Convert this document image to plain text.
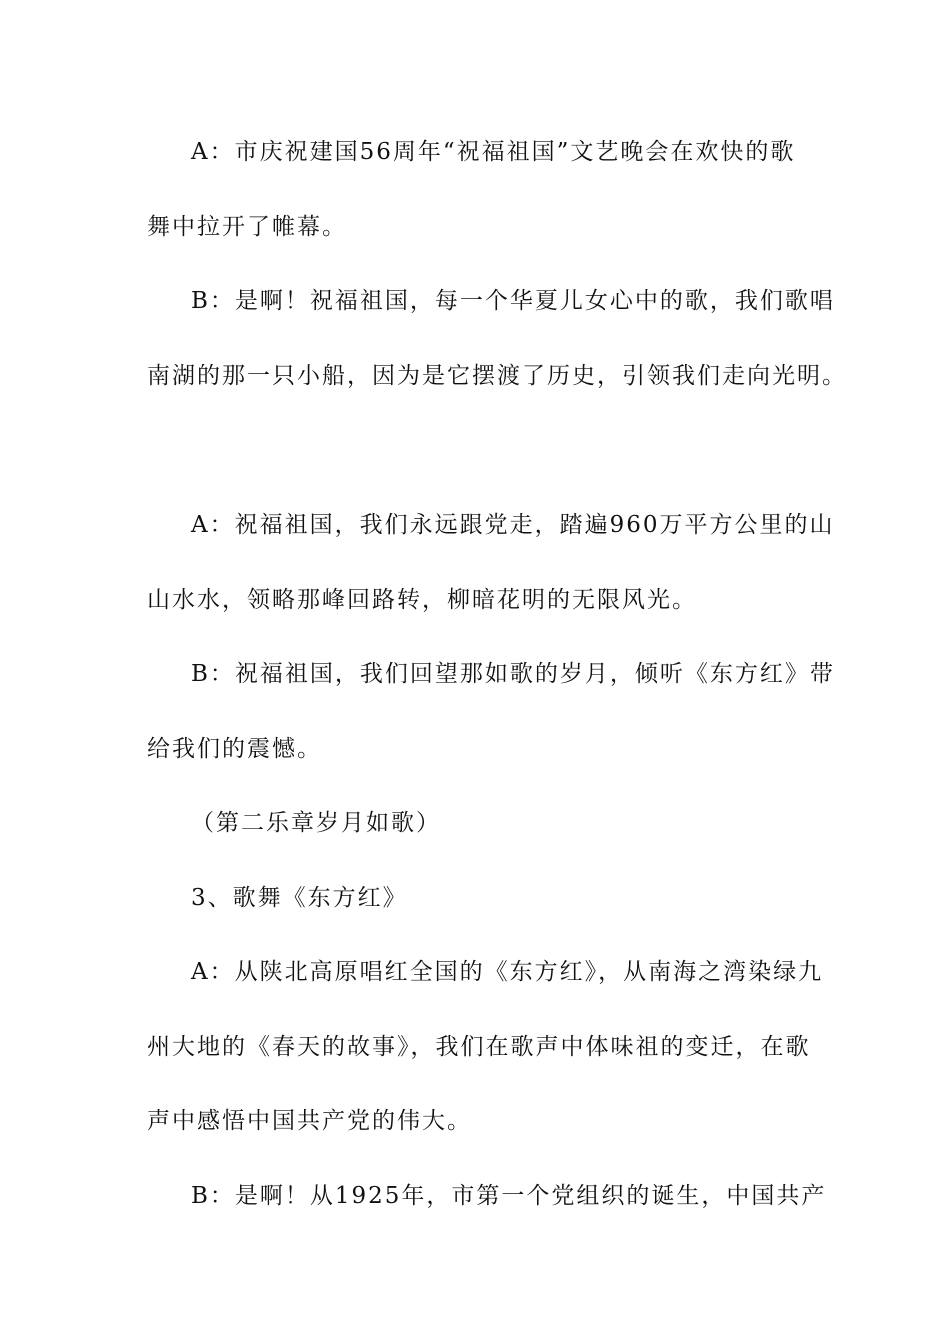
A：市庆祝建国56周年“祝福祖国”文艺晚会在欢快的歌
舞中拉开了帷幕。
B：是啊！祝福祖国，每一个华夏儿女心中的歌，我们歌唱
南湖的那一只小船，因为是它摆渡了历史，引领我们走向光明。
A：祝福祖国，我们永远跟党走，踏遍960万平方公里的山
山水水，领略那峰回路转，柳暗花明的无限风光。
B：祝福祖国，我们回望那如歌的岁月，倾听《东方红》带
给我们的震憾。
（第二乐章岁月如歌）
3、歌舞《东方红》
A：从陕北高原唱红全国的《东方红》，从南海之湾染绿九
州大地的《春天的故事》，我们在歌声中体味祖的变迁，在歌
声中感悟中国共产党的伟大。
B：是啊！从1925年，市第一个党组织的诞生，中国共产
